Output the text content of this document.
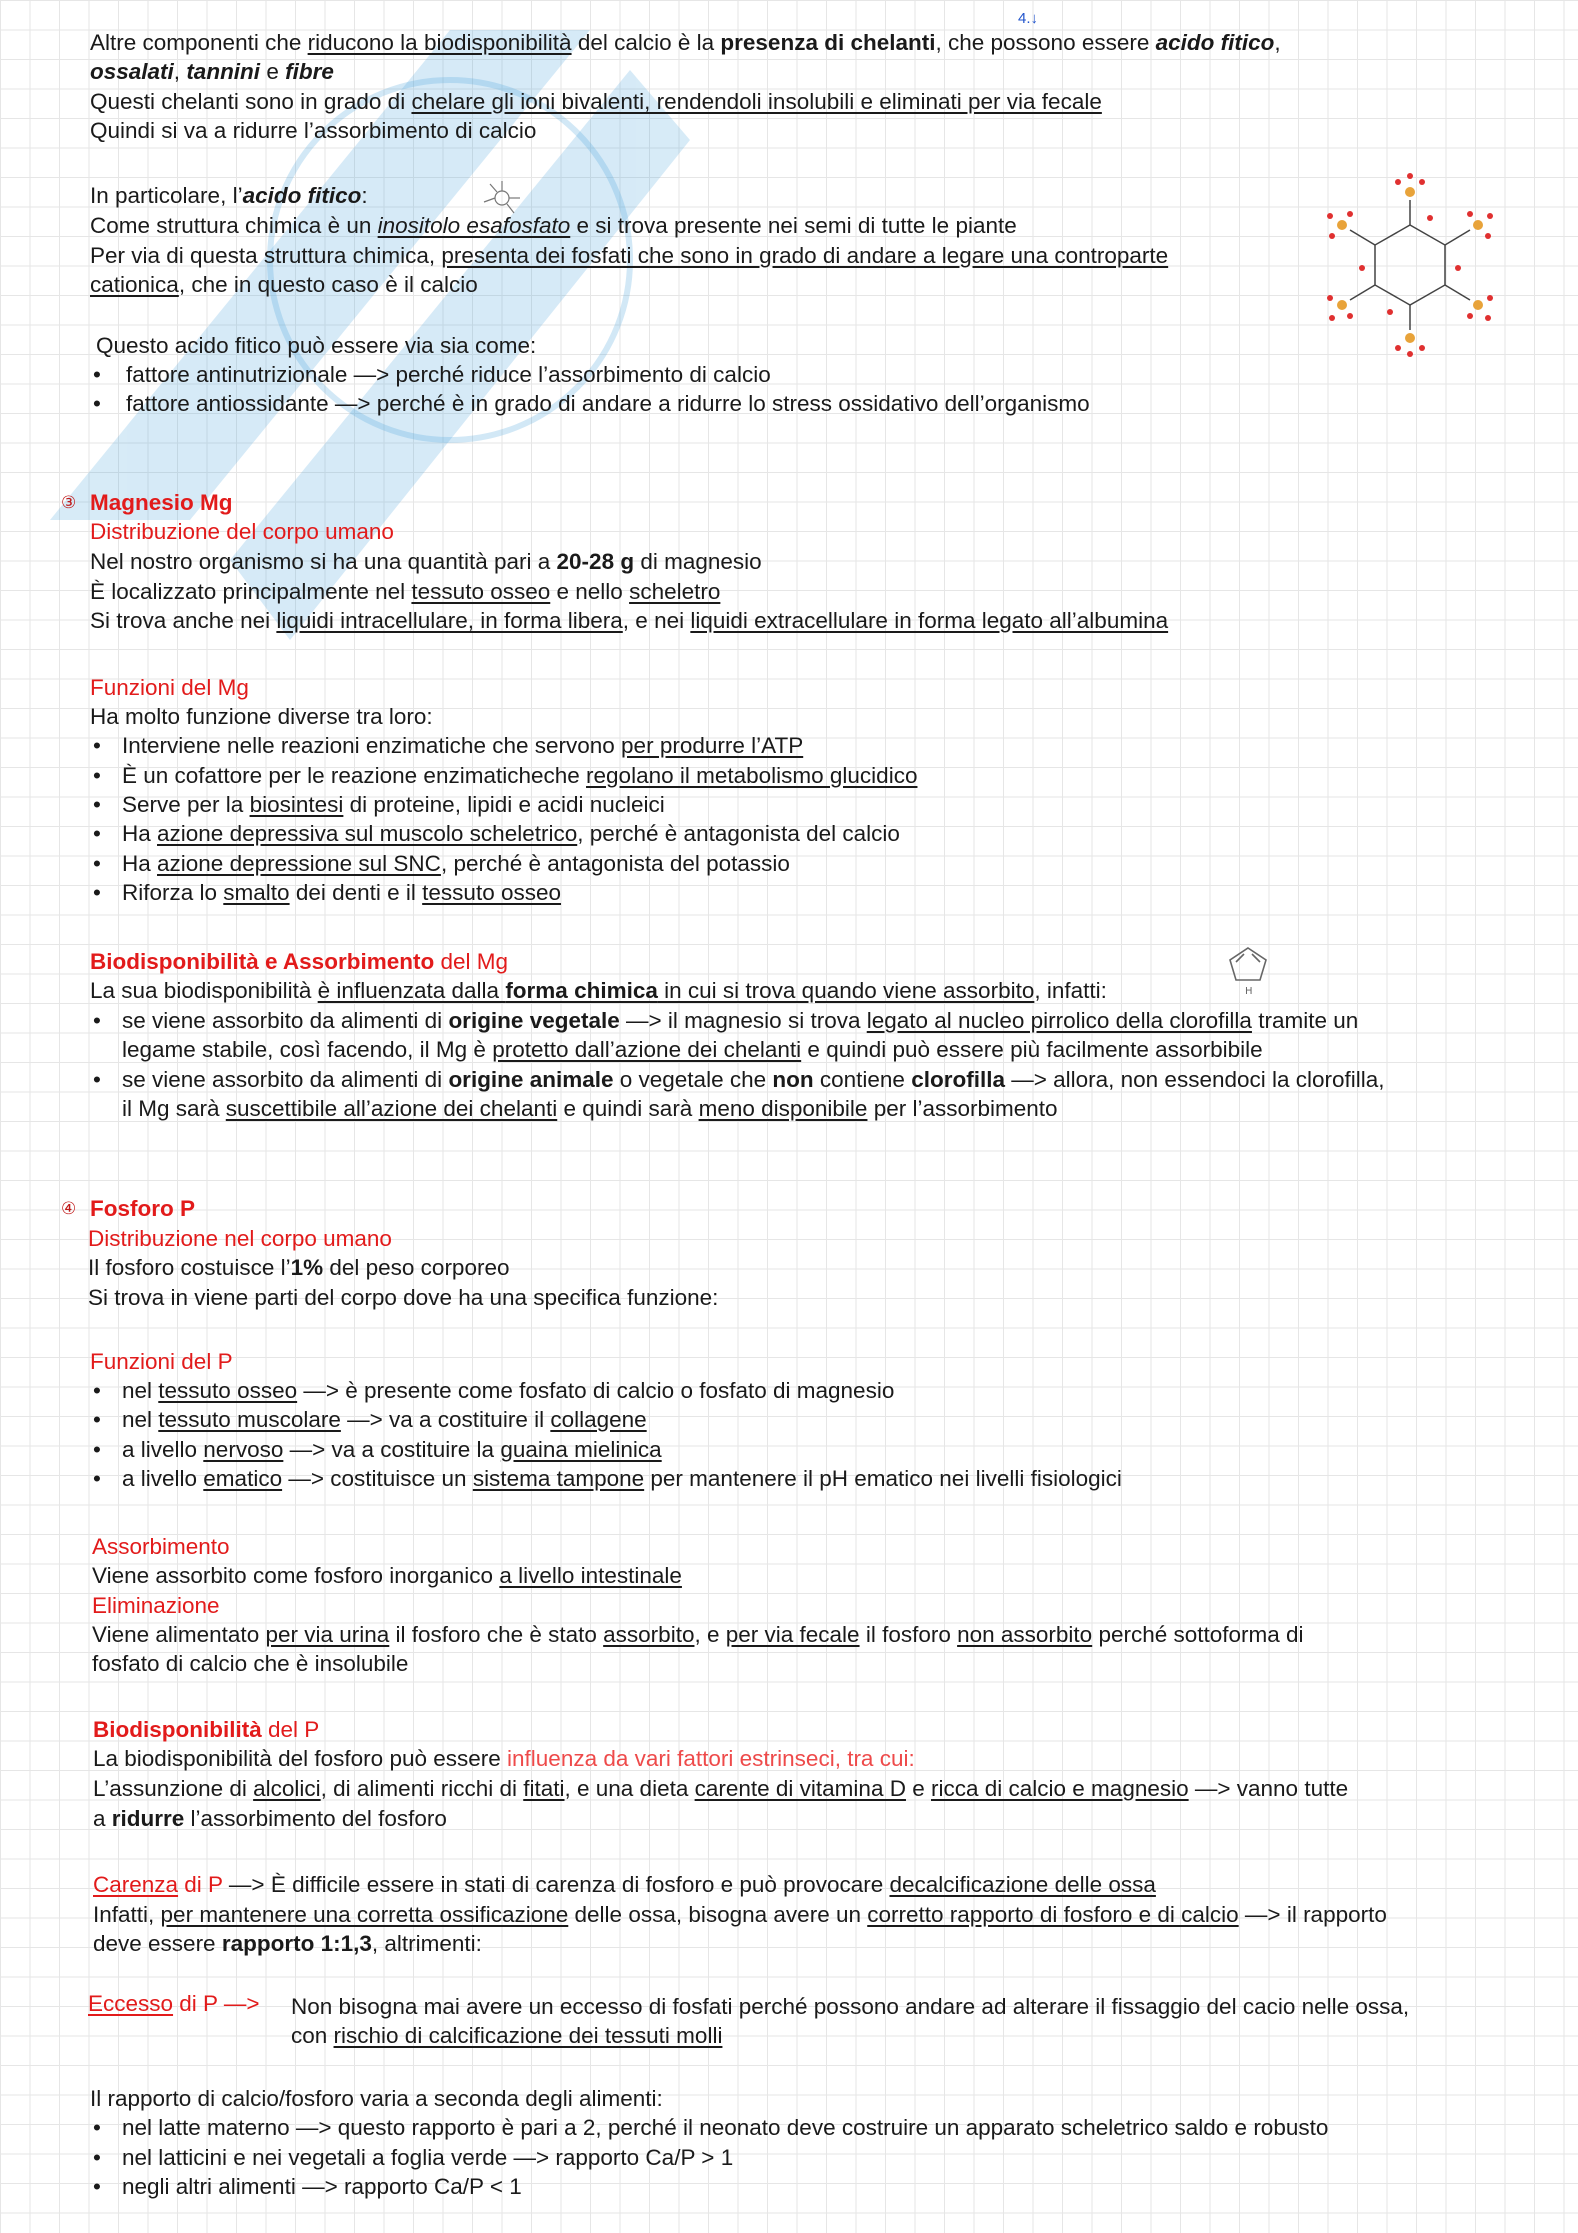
4.↓
H
Altre componenti che riducono la biodisponibilità del calcio è la presenza di chelanti, che possono essere acido fitico,
ossalati, tannini e fibre
Questi chelanti sono in grado di chelare gli ioni bivalenti, rendendoli insolubili e eliminati per via fecale
Quindi si va a ridurre l’assorbimento di calcio
In particolare, l’acido fitico:
Come struttura chimica è un inositolo esafosfato e si trova presente nei semi di tutte le piante
Per via di questa struttura chimica, presenta dei fosfati che sono in grado di andare a legare una controparte
cationica, che in questo caso è il calcio
Questo acido fitico può essere via sia come:
• fattore antinutrizionale —> perché riduce l’assorbimento di calcio
• fattore antiossidante —> perché è in grado di andare a ridurre lo stress ossidativo dell’organismo
③ Magnesio Mg
Distribuzione del corpo umano
Nel nostro organismo si ha una quantità pari a 20-28 g di magnesio
È localizzato principalmente nel tessuto osseo e nello scheletro
Si trova anche nei liquidi intracellulare, in forma libera, e nei liquidi extracellulare in forma legato all’albumina
Funzioni del Mg
Ha molto funzione diverse tra loro:
• Interviene nelle reazioni enzimatiche che servono per produrre l’ATP
• È un cofattore per le reazione enzimaticheche regolano il metabolismo glucidico
• Serve per la biosintesi di proteine, lipidi e acidi nucleici
• Ha azione depressiva sul muscolo scheletrico, perché è antagonista del calcio
• Ha azione depressione sul SNC, perché è antagonista del potassio
• Riforza lo smalto dei denti e il tessuto osseo
Biodisponibilità e Assorbimento del Mg
La sua biodisponibilità è influenzata dalla forma chimica in cui si trova quando viene assorbito, infatti:
• se viene assorbito da alimenti di origine vegetale —> il magnesio si trova legato al nucleo pirrolico della clorofilla tramite un
legame stabile, così facendo, il Mg è protetto dall’azione dei chelanti e quindi può essere più facilmente assorbibile
• se viene assorbito da alimenti di origine animale o vegetale che non contiene clorofilla —> allora, non essendoci la clorofilla,
il Mg sarà suscettibile all’azione dei chelanti e quindi sarà meno disponibile per l’assorbimento
④ Fosforo P
Distribuzione nel corpo umano
Il fosforo costuisce l’1% del peso corporeo
Si trova in viene parti del corpo dove ha una specifica funzione:
Funzioni del P
• nel tessuto osseo —> è presente come fosfato di calcio o fosfato di magnesio
• nel tessuto muscolare —> va a costituire il collagene
• a livello nervoso —> va a costituire la guaina mielinica
• a livello ematico —> costituisce un sistema tampone per mantenere il pH ematico nei livelli fisiologici
Assorbimento
Viene assorbito come fosforo inorganico a livello intestinale
Eliminazione
Viene alimentato per via urina il fosforo che è stato assorbito, e per via fecale il fosforo non assorbito perché sottoforma di
fosfato di calcio che è insolubile
Biodisponibilità del P
La biodisponibilità del fosforo può essere influenza da vari fattori estrinseci, tra cui:
L’assunzione di alcolici, di alimenti ricchi di fitati, e una dieta carente di vitamina D e ricca di calcio e magnesio —> vanno tutte
a ridurre l’assorbimento del fosforo
Carenza di P —> È difficile essere in stati di carenza di fosforo e può provocare decalcificazione delle ossa
Infatti, per mantenere una corretta ossificazione delle ossa, bisogna avere un corretto rapporto di fosforo e di calcio —> il rapporto
deve essere rapporto 1:1,3, altrimenti:
Eccesso di P —> Non bisogna mai avere un eccesso di fosfati perché possono andare ad alterare il fissaggio del cacio nelle ossa,
con rischio di calcificazione dei tessuti molli
Il rapporto di calcio/fosforo varia a seconda degli alimenti:
• nel latte materno —> questo rapporto è pari a 2, perché il neonato deve costruire un apparato scheletrico saldo e robusto
• nel latticini e nei vegetali a foglia verde —> rapporto Ca/P > 1
• negli altri alimenti —> rapporto Ca/P < 1
